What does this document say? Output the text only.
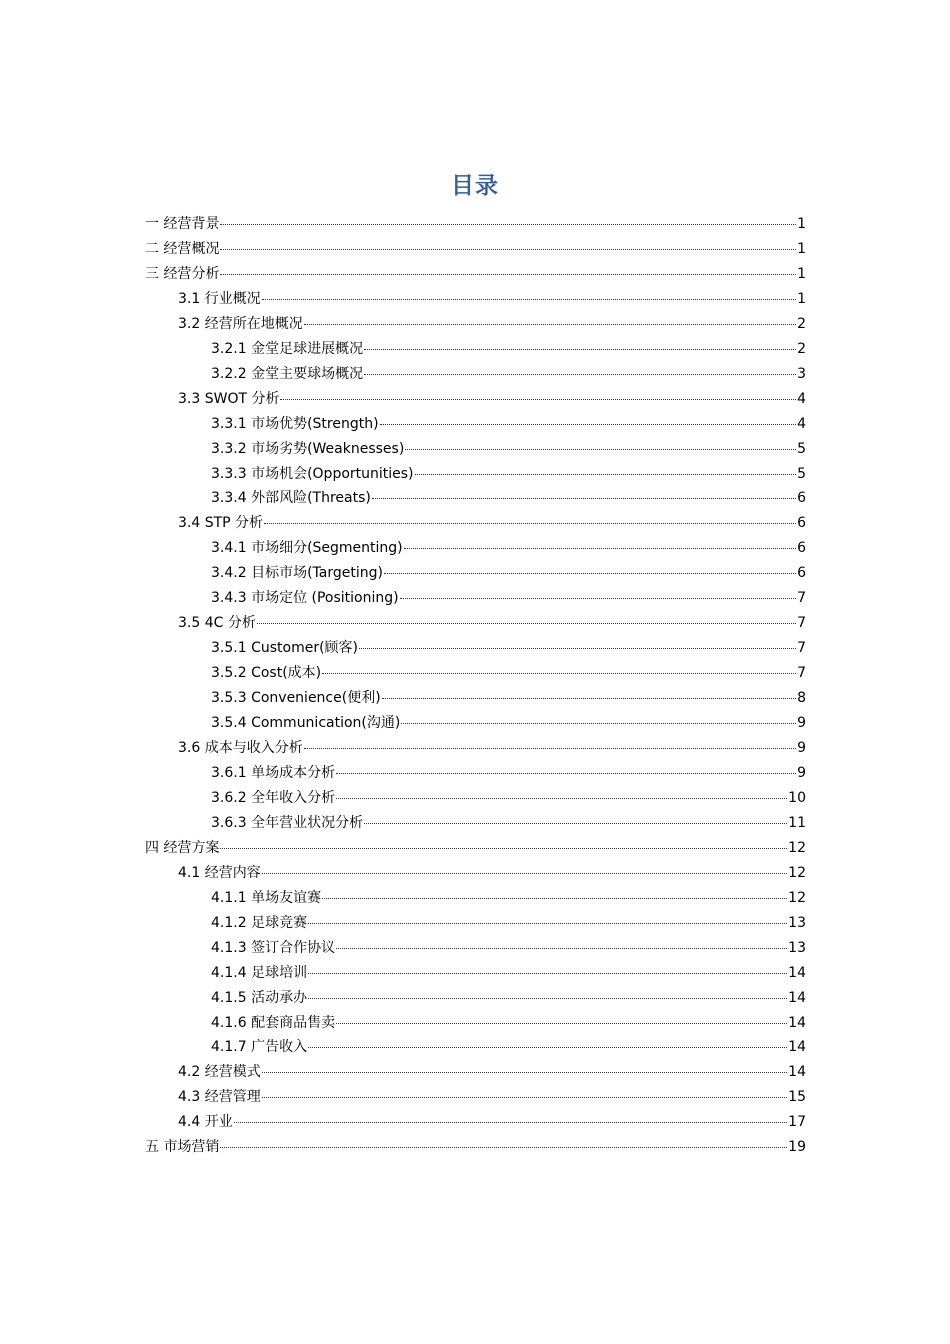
目录
一 经营背景	1
二 经营概况	1
三 经营分析	1
3.1 行业概况	1
3.2 经营所在地概况	2
3.2.1 金堂足球进展概况	2
3.2.2 金堂主要球场概况	3
3.3 SWOT 分析	4
3.3.1 市场优势(Strength)	4
3.3.2 市场劣势(Weaknesses)	5
3.3.3 市场机会(Opportunities)	5
3.3.4 外部风险(Threats)	6
3.4 STP 分析	6
3.4.1 市场细分(Segmenting)	6
3.4.2 目标市场(Targeting)	6
3.4.3 市场定位 (Positioning)	7
3.5 4C 分析	7
3.5.1 Customer(顾客)	7
3.5.2 Cost(成本)	7
3.5.3 Convenience(便利)	8
3.5.4 Communication(沟通)	9
3.6 成本与收入分析	9
3.6.1 单场成本分析	9
3.6.2 全年收入分析	10
3.6.3 全年营业状况分析	11
四 经营方案	12
4.1 经营内容	12
4.1.1 单场友谊赛	12
4.1.2 足球竞赛	13
4.1.3 签订合作协议	13
4.1.4 足球培训	14
4.1.5 活动承办	14
4.1.6 配套商品售卖	14
4.1.7 广告收入	14
4.2 经营模式	14
4.3 经营管理	15
4.4 开业	17
五 市场营销	19
